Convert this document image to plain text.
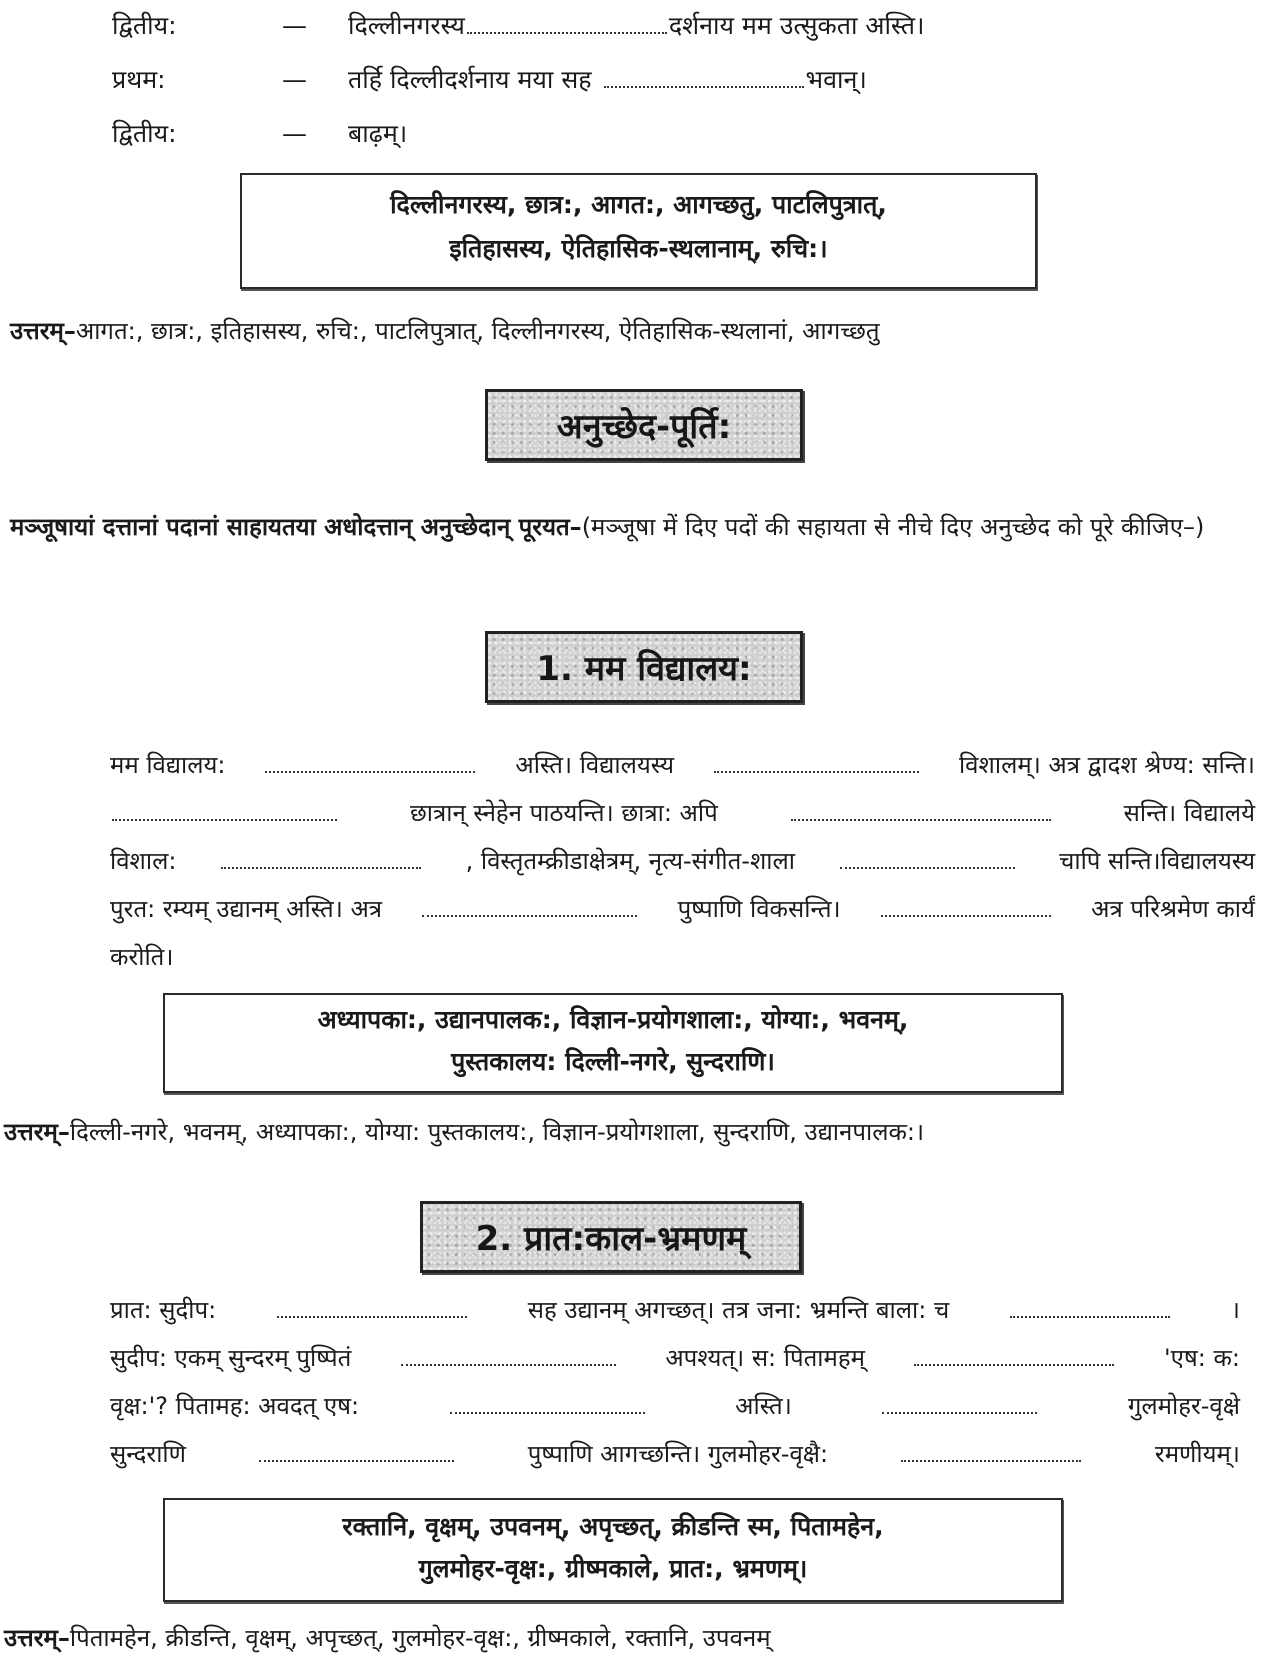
द्वितीय:	—	दिल्लीनगरस्य	दर्शनाय मम उत्सुकता अस्ति।
प्रथम:	—	तर्हि दिल्लीदर्शनाय मया सह	भवान्।
द्वितीय:	—	बाढ़म्।
दिल्लीनगरस्य, छात्र:, आगत:, आगच्छतु, पाटलिपुत्रात्,
इतिहासस्य, ऐतिहासिक-स्थलानाम्, रुचि:।
उत्तरम्–आगत:, छात्र:, इतिहासस्य, रुचि:, पाटलिपुत्रात्, दिल्लीनगरस्य, ऐतिहासिक-स्थलानां, आगच्छतु
अनुच्छेद-पूर्ति:
मञ्जूषायां दत्तानां पदानां साहायतया अधोदत्तान् अनुच्छेदान् पूरयत–(मञ्जूषा में दिए पदों की सहायता से नीचे दिए अनुच्छेद को पूरे कीजिए–)
1. मम विद्यालय:
मम विद्यालय:	अस्ति। विद्यालयस्य	विशालम्। अत्र द्वादश श्रेण्य: सन्ति।
छात्रान् स्नेहेन पाठयन्ति। छात्रा: अपि	सन्ति। विद्यालये
विशाल:	, विस्तृतम्क्रीडाक्षेत्रम्, नृत्य-संगीत-शाला	चापि सन्ति।विद्यालयस्य
पुरत: रम्यम् उद्यानम् अस्ति। अत्र	पुष्पाणि विकसन्ति।	अत्र परिश्रमेण कार्यं
करोति।
अध्यापका:, उद्यानपालक:, विज्ञान-प्रयोगशाला:, योग्या:, भवनम्,
पुस्तकालय: दिल्ली-नगरे, सुन्दराणि।
उत्तरम्–दिल्ली-नगरे, भवनम्, अध्यापका:, योग्या: पुस्तकालय:, विज्ञान-प्रयोगशाला, सुन्दराणि, उद्यानपालक:।
2. प्रात:काल-भ्रमणम्
प्रात: सुदीप:	सह उद्यानम् अगच्छत्। तत्र जना: भ्रमन्ति बाला: च	।
सुदीप: एकम् सुन्दरम् पुष्पितं	अपश्यत्। स: पितामहम्	'एष: क:
वृक्ष:'? पितामह: अवदत् एष:	अस्ति।	गुलमोहर-वृक्षे
सुन्दराणि	पुष्पाणि आगच्छन्ति। गुलमोहर-वृक्षै:	रमणीयम्।
रक्तानि, वृक्षम्, उपवनम्, अपृच्छत्, क्रीडन्ति स्म, पितामहेन,
गुलमोहर-वृक्ष:, ग्रीष्मकाले, प्रात:, भ्रमणम्।
उत्तरम्–पितामहेन, क्रीडन्ति, वृक्षम्, अपृच्छत्, गुलमोहर-वृक्ष:, ग्रीष्मकाले, रक्तानि, उपवनम्
